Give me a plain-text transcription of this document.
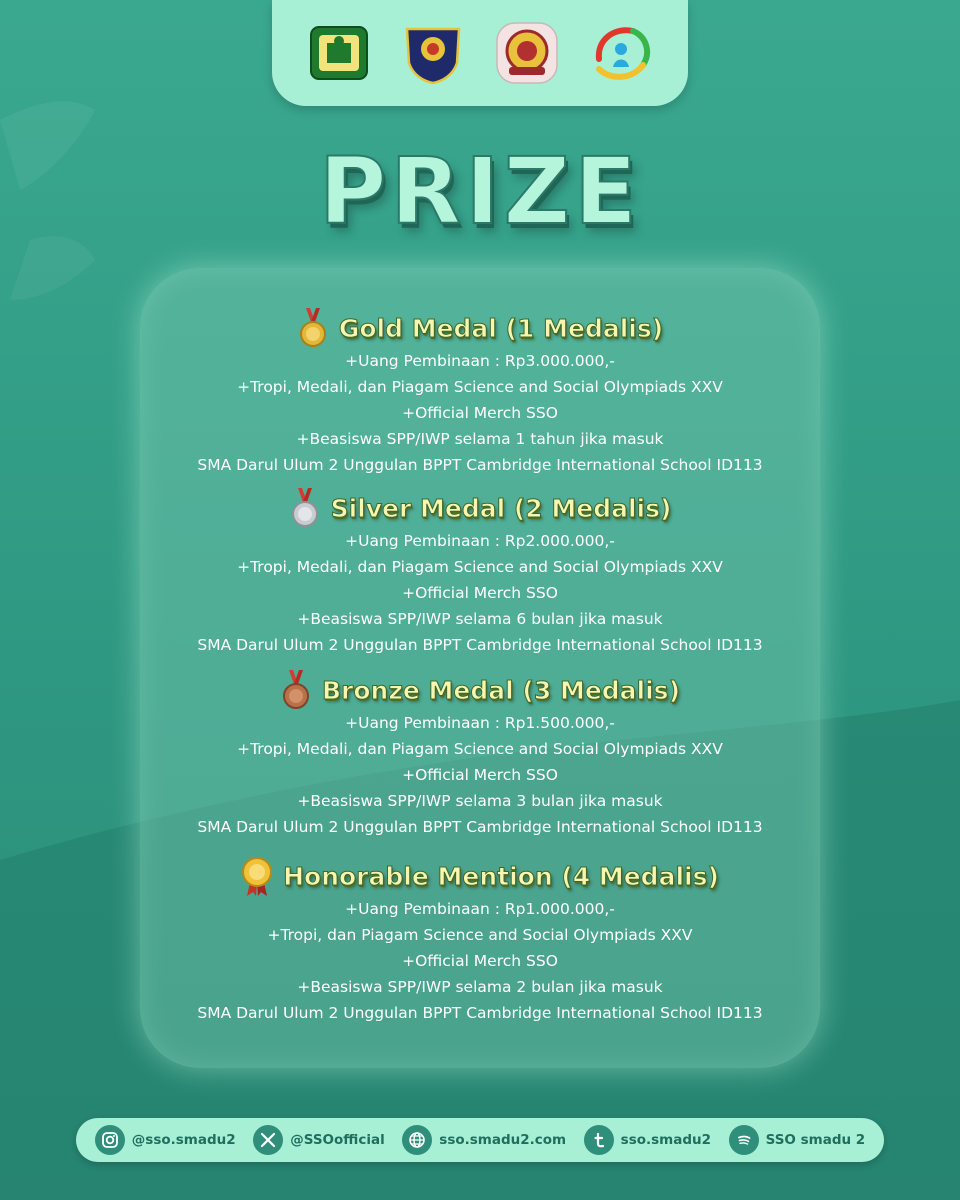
PRIZE
Gold Medal (1 Medalis)
+Uang Pembinaan : Rp3.000.000,-
+Tropi, Medali, dan Piagam Science and Social Olympiads XXV
+Official Merch SSO
+Beasiswa SPP/IWP selama 1 tahun jika masuk
SMA Darul Ulum 2 Unggulan BPPT Cambridge International School ID113
Silver Medal (2 Medalis)
+Uang Pembinaan : Rp2.000.000,-
+Tropi, Medali, dan Piagam Science and Social Olympiads XXV
+Official Merch SSO
+Beasiswa SPP/IWP selama 6 bulan jika masuk
SMA Darul Ulum 2 Unggulan BPPT Cambridge International School ID113
Bronze Medal (3 Medalis)
+Uang Pembinaan : Rp1.500.000,-
+Tropi, Medali, dan Piagam Science and Social Olympiads XXV
+Official Merch SSO
+Beasiswa SPP/IWP selama 3 bulan jika masuk
SMA Darul Ulum 2 Unggulan BPPT Cambridge International School ID113
Honorable Mention (4 Medalis)
+Uang Pembinaan : Rp1.000.000,-
+Tropi, dan Piagam Science and Social Olympiads XXV
+Official Merch SSO
+Beasiswa SPP/IWP selama 2 bulan jika masuk
SMA Darul Ulum 2 Unggulan BPPT Cambridge International School ID113
@sso.smadu2	@SSOofficial	sso.smadu2.com	sso.smadu2	SSO smadu 2
